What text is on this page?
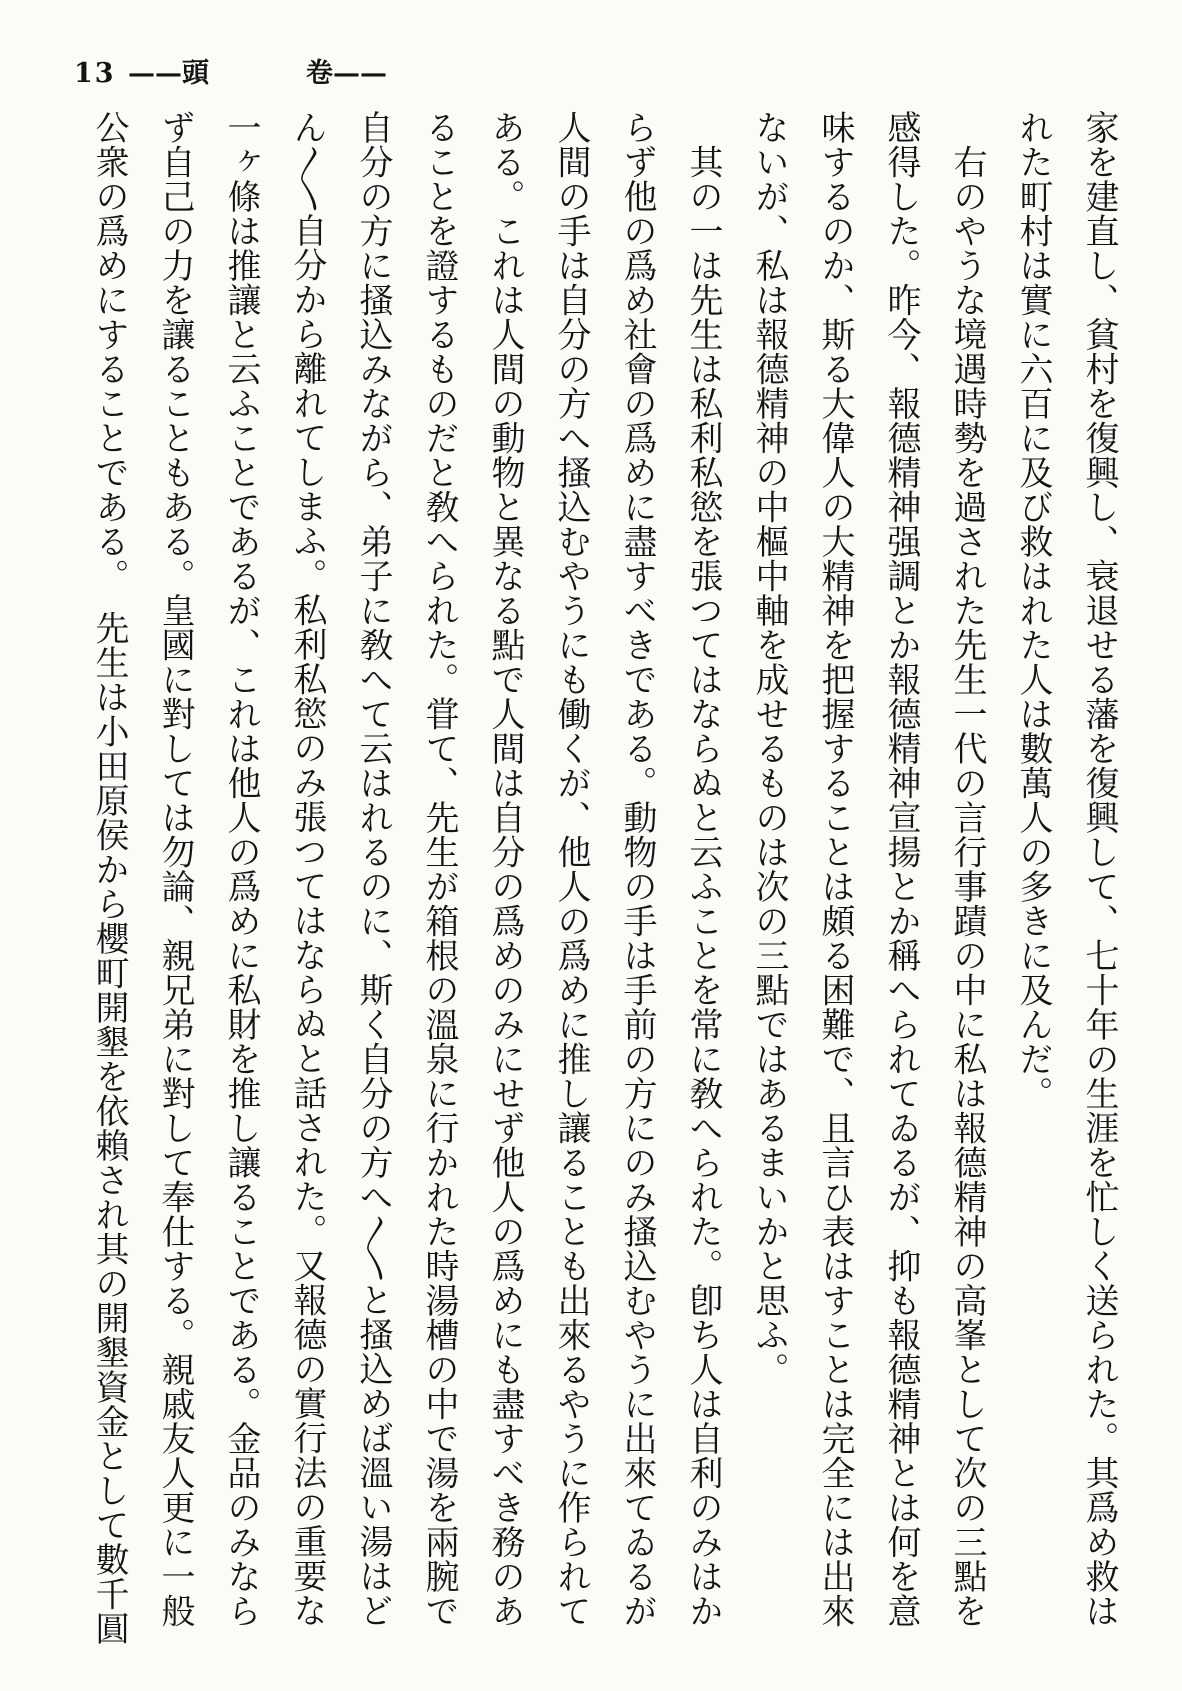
13 ——頭	卷——
家を建直し、貧村を復興し、衰退せる藩を復興して、七十年の生涯を忙しく送られた。其爲め救は
れた町村は實に六百に及び救はれた人は數萬人の多きに及んだ。
　右のやうな境遇時勢を過された先生一代の言行事蹟の中に私は報德精神の高峯として次の三點を
感得した。昨今、報德精神强調とか報德精神宣揚とか稱へられてゐるが、抑も報德精神とは何を意
味するのか、斯る大偉人の大精神を把握することは頗る困難で、且言ひ表はすことは完全には出來
ないが、私は報德精神の中樞中軸を成せるものは次の三點ではあるまいかと思ふ。
　其の一は先生は私利私慾を張つてはならぬと云ふことを常に敎へられた。卽ち人は自利のみはか
らず他の爲め社會の爲めに盡すべきである。動物の手は手前の方にのみ搔込むやうに出來てゐるが
人間の手は自分の方へ搔込むやうにも働くが、他人の爲めに推し讓ることも出來るやうに作られて
ある。これは人間の動物と異なる點で人間は自分の爲めのみにせず他人の爲めにも盡すべき務のあ
ることを證するものだと敎へられた。甞て、先生が箱根の溫泉に行かれた時湯槽の中で湯を兩腕で
自分の方に搔込みながら、弟子に敎へて云はれるのに、斯く自分の方へ〱と搔込めば溫い湯はど
ん〱自分から離れてしまふ。私利私慾のみ張つてはならぬと話された。又報德の實行法の重要な
一ヶ條は推讓と云ふことであるが、これは他人の爲めに私財を推し讓ることである。金品のみなら
ず自己の力を讓ることもある。皇國に對しては勿論、親兄弟に對して奉仕する。親戚友人更に一般
公衆の爲めにすることである。　先生は小田原侯から櫻町開墾を依賴され其の開墾資金として數千圓
